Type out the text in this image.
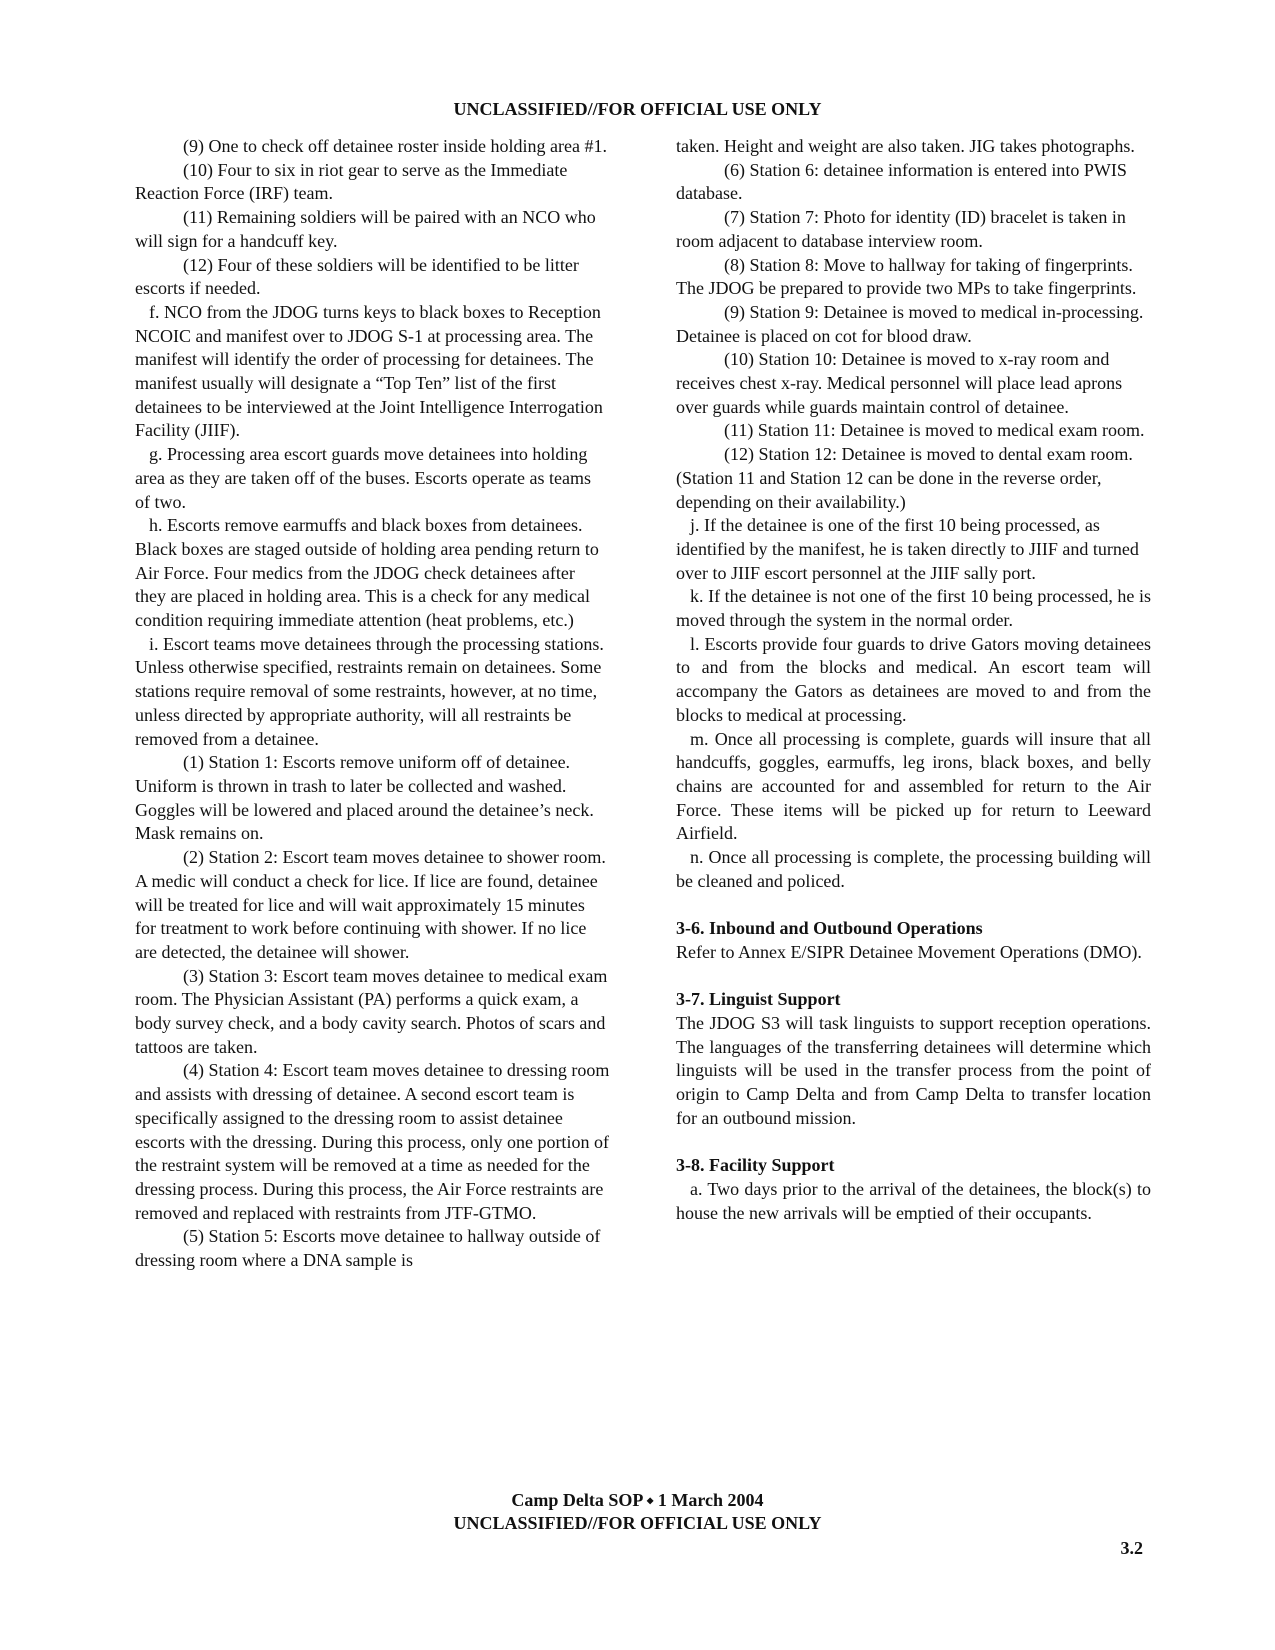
UNCLASSIFIED//FOR OFFICIAL USE ONLY

(9) One to check off detainee roster inside holding area #1.

(10) Four to six in riot gear to serve as the Immediate Reaction Force (IRF) team.

(11) Remaining soldiers will be paired with an NCO who will sign for a handcuff key.

(12) Four of these soldiers will be identified to be litter escorts if needed.

f. NCO from the JDOG turns keys to black boxes to Reception NCOIC and manifest over to JDOG S-1 at processing area. The manifest will identify the order of processing for detainees. The manifest usually will designate a “Top Ten” list of the first detainees to be interviewed at the Joint Intelligence Interrogation Facility (JIIF).

g. Processing area escort guards move detainees into holding area as they are taken off of the buses. Escorts operate as teams of two.

h. Escorts remove earmuffs and black boxes from detainees. Black boxes are staged outside of holding area pending return to Air Force. Four medics from the JDOG check detainees after they are placed in holding area. This is a check for any medical condition requiring immediate attention (heat problems, etc.)

i. Escort teams move detainees through the processing stations. Unless otherwise specified, restraints remain on detainees. Some stations require removal of some restraints, however, at no time, unless directed by appropriate authority, will all restraints be removed from a detainee.

(1) Station 1: Escorts remove uniform off of detainee. Uniform is thrown in trash to later be collected and washed. Goggles will be lowered and placed around the detainee’s neck. Mask remains on.

(2) Station 2: Escort team moves detainee to shower room. A medic will conduct a check for lice. If lice are found, detainee will be treated for lice and will wait approximately 15 minutes for treatment to work before continuing with shower. If no lice are detected, the detainee will shower.

(3) Station 3: Escort team moves detainee to medical exam room. The Physician Assistant (PA) performs a quick exam, a body survey check, and a body cavity search. Photos of scars and tattoos are taken.

(4) Station 4: Escort team moves detainee to dressing room and assists with dressing of detainee. A second escort team is specifically assigned to the dressing room to assist detainee escorts with the dressing. During this process, only one portion of the restraint system will be removed at a time as needed for the dressing process. During this process, the Air Force restraints are removed and replaced with restraints from JTF-GTMO.

(5) Station 5: Escorts move detainee to hallway outside of dressing room where a DNA sample is

taken. Height and weight are also taken. JIG takes photographs.

(6) Station 6: detainee information is entered into PWIS database.

(7) Station 7: Photo for identity (ID) bracelet is taken in room adjacent to database interview room.

(8) Station 8: Move to hallway for taking of fingerprints. The JDOG be prepared to provide two MPs to take fingerprints.

(9) Station 9: Detainee is moved to medical in-processing. Detainee is placed on cot for blood draw.

(10) Station 10: Detainee is moved to x-ray room and receives chest x-ray. Medical personnel will place lead aprons over guards while guards maintain control of detainee.

(11) Station 11: Detainee is moved to medical exam room.

(12) Station 12: Detainee is moved to dental exam room. (Station 11 and Station 12 can be done in the reverse order, depending on their availability.)

j. If the detainee is one of the first 10 being processed, as identified by the manifest, he is taken directly to JIIF and turned over to JIIF escort personnel at the JIIF sally port.

k. If the detainee is not one of the first 10 being processed, he is moved through the system in the normal order.

l. Escorts provide four guards to drive Gators moving detainees to and from the blocks and medical. An escort team will accompany the Gators as detainees are moved to and from the blocks to medical at processing.

m. Once all processing is complete, guards will insure that all handcuffs, goggles, earmuffs, leg irons, black boxes, and belly chains are accounted for and assembled for return to the Air Force. These items will be picked up for return to Leeward Airfield.

n. Once all processing is complete, the processing building will be cleaned and policed.

3-6. Inbound and Outbound Operations

Refer to Annex E/SIPR Detainee Movement Operations (DMO).

3-7. Linguist Support

The JDOG S3 will task linguists to support reception operations. The languages of the transferring detainees will determine which linguists will be used in the transfer process from the point of origin to Camp Delta and from Camp Delta to transfer location for an outbound mission.

3-8. Facility Support

a. Two days prior to the arrival of the detainees, the block(s) to house the new arrivals will be emptied of their occupants.

Camp Delta SOP ⬩ 1 March 2004
UNCLASSIFIED//FOR OFFICIAL USE ONLY
3.2
